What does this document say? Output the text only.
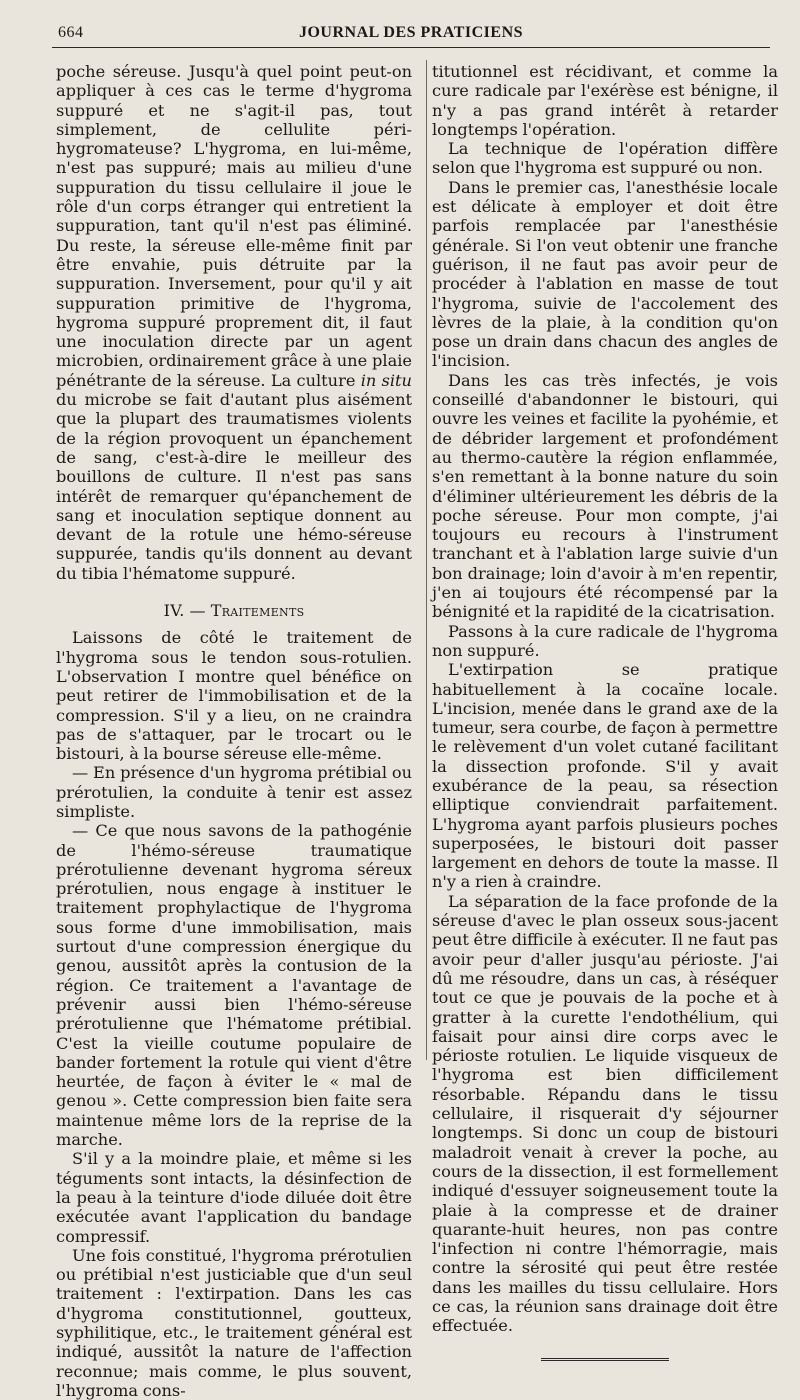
664	JOURNAL DES PRATICIENS

poche séreuse. Jusqu'à quel point peut-on appliquer à ces cas le terme d'hygroma suppuré et ne s'agit-il pas, tout simplement, de cellulite péri-hygromateuse? L'hygroma, en lui-même, n'est pas suppuré; mais au milieu d'une suppuration du tissu cellulaire il joue le rôle d'un corps étranger qui entretient la suppuration, tant qu'il n'est pas éliminé. Du reste, la séreuse elle-même finit par être envahie, puis détruite par la suppuration. Inversement, pour qu'il y ait suppuration primitive de l'hygroma, hygroma suppuré proprement dit, il faut une inoculation directe par un agent microbien, ordinairement grâce à une plaie pénétrante de la séreuse. La culture in situ du microbe se fait d'autant plus aisément que la plupart des traumatismes violents de la région provoquent un épanchement de sang, c'est-à-dire le meilleur des bouillons de culture. Il n'est pas sans intérêt de remarquer qu'épanchement de sang et inoculation septique donnent au devant de la rotule une hémo-séreuse suppurée, tandis qu'ils donnent au devant du tibia l'hématome suppuré.

IV. — Traitements

Laissons de côté le traitement de l'hygroma sous le tendon sous-rotulien. L'observation I montre quel bénéfice on peut retirer de l'immobilisation et de la compression. S'il y a lieu, on ne craindra pas de s'attaquer, par le trocart ou le bistouri, à la bourse séreuse elle-même.

— En présence d'un hygroma prétibial ou prérotulien, la conduite à tenir est assez simpliste.

— Ce que nous savons de la pathogénie de l'hémo-séreuse traumatique prérotulienne devenant hygroma séreux prérotulien, nous engage à instituer le traitement prophylactique de l'hygroma sous forme d'une immobilisation, mais surtout d'une compression énergique du genou, aussitôt après la contusion de la région. Ce traitement a l'avantage de prévenir aussi bien l'hémo-séreuse prérotulienne que l'hématome prétibial. C'est la vieille coutume populaire de bander fortement la rotule qui vient d'être heurtée, de façon à éviter le « mal de genou ». Cette compression bien faite sera maintenue même lors de la reprise de la marche.

S'il y a la moindre plaie, et même si les téguments sont intacts, la désinfection de la peau à la teinture d'iode diluée doit être exécutée avant l'application du bandage compressif.

Une fois constitué, l'hygroma prérotulien ou prétibial n'est justiciable que d'un seul traitement : l'extirpation. Dans les cas d'hygroma constitutionnel, goutteux, syphilitique, etc., le traitement général est indiqué, aussitôt la nature de l'affection reconnue; mais comme, le plus souvent, l'hygroma cons-

titutionnel est récidivant, et comme la cure radicale par l'exérèse est bénigne, il n'y a pas grand intérêt à retarder longtemps l'opération.

La technique de l'opération diffère selon que l'hygroma est suppuré ou non.

Dans le premier cas, l'anesthésie locale est délicate à employer et doit être parfois remplacée par l'anesthésie générale. Si l'on veut obtenir une franche guérison, il ne faut pas avoir peur de procéder à l'ablation en masse de tout l'hygroma, suivie de l'accolement des lèvres de la plaie, à la condition qu'on pose un drain dans chacun des angles de l'incision.

Dans les cas très infectés, je vois conseillé d'abandonner le bistouri, qui ouvre les veines et facilite la pyohémie, et de débrider largement et profondément au thermo-cautère la région enflammée, s'en remettant à la bonne nature du soin d'éliminer ultérieurement les débris de la poche séreuse. Pour mon compte, j'ai toujours eu recours à l'instrument tranchant et à l'ablation large suivie d'un bon drainage; loin d'avoir à m'en repentir, j'en ai toujours été récompensé par la bénignité et la rapidité de la cicatrisation.

Passons à la cure radicale de l'hygroma non suppuré.

L'extirpation se pratique habituellement à la cocaïne locale. L'incision, menée dans le grand axe de la tumeur, sera courbe, de façon à permettre le relèvement d'un volet cutané facilitant la dissection profonde. S'il y avait exubérance de la peau, sa résection elliptique conviendrait parfaitement. L'hygroma ayant parfois plusieurs poches superposées, le bistouri doit passer largement en dehors de toute la masse. Il n'y a rien à craindre.

La séparation de la face profonde de la séreuse d'avec le plan osseux sous-jacent peut être difficile à exécuter. Il ne faut pas avoir peur d'aller jusqu'au périoste. J'ai dû me résoudre, dans un cas, à réséquer tout ce que je pouvais de la poche et à gratter à la curette l'endothélium, qui faisait pour ainsi dire corps avec le périoste rotulien. Le liquide visqueux de l'hygroma est bien difficilement résorbable. Répandu dans le tissu cellulaire, il risquerait d'y séjourner longtemps. Si donc un coup de bistouri maladroit venait à crever la poche, au cours de la dissection, il est formellement indiqué d'essuyer soigneusement toute la plaie à la compresse et de drainer quarante-huit heures, non pas contre l'infection ni contre l'hémorragie, mais contre la sérosité qui peut être restée dans les mailles du tissu cellulaire. Hors ce cas, la réunion sans drainage doit être effectuée.
